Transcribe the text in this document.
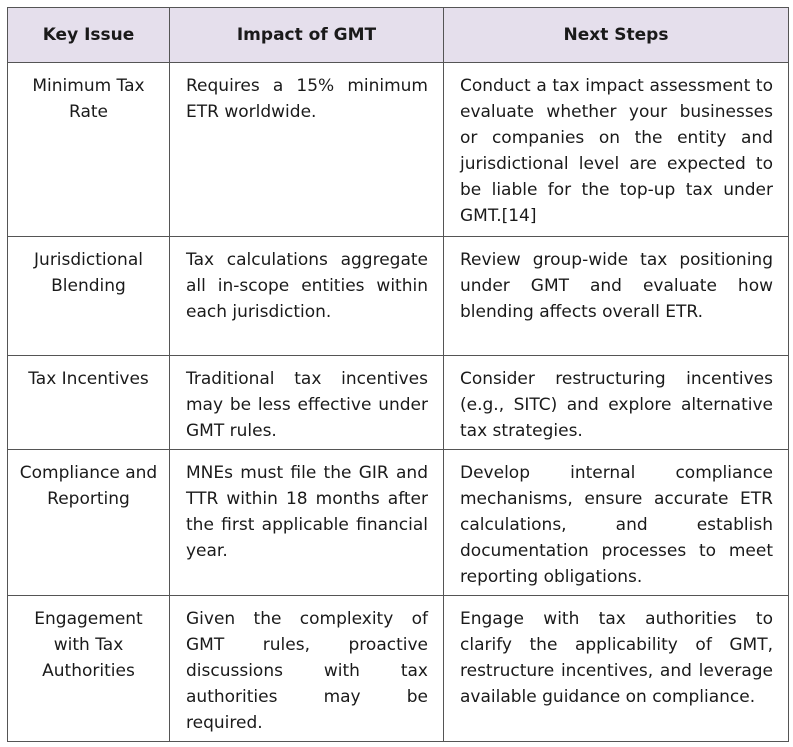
Key Issue	Impact of GMT	Next Steps
Minimum Tax Rate	Requires a 15% minimum ETR worldwide.	Conduct a tax impact assessment to evaluate whether your businesses or companies on the entity and jurisdictional level are expected to be liable for the top-up tax under GMT.[14]
Jurisdictional Blending	Tax calculations aggregate all in-scope entities within each jurisdiction.	Review group-wide tax positioning under GMT and evaluate how blending affects overall ETR.
Tax Incentives	Traditional tax incentives may be less effective under GMT rules.	Consider restructuring incentives (e.g., SITC) and explore alternative tax strategies.
Compliance and Reporting	MNEs must file the GIR and TTR within 18 months after the first applicable financial year.	Develop internal compliance mechanisms, ensure accurate ETR calculations, and establish documentation processes to meet reporting obligations.
Engagement with Tax Authorities	Given the complexity of GMT rules, proactive discussions with tax authorities may be required.	Engage with tax authorities to clarify the applicability of GMT, restructure incentives, and leverage available guidance on compliance.
